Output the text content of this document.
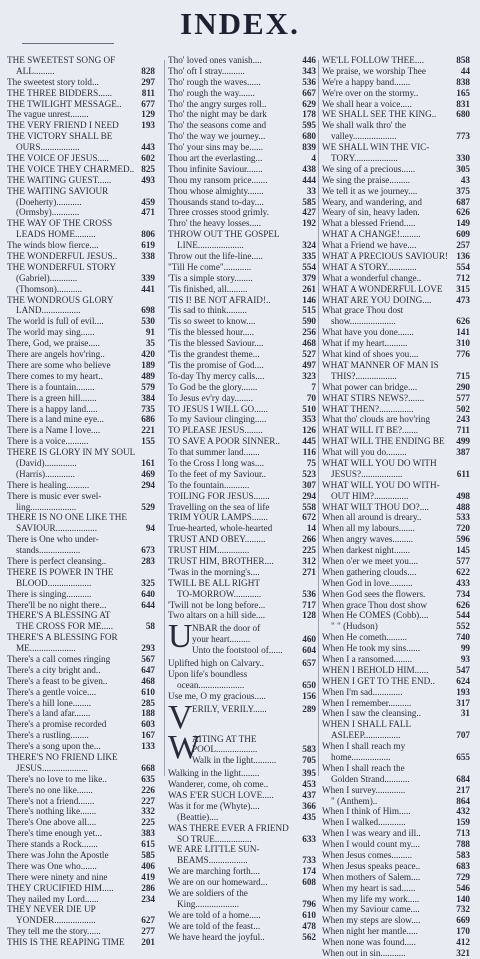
INDEX.
THE SWEETEST SONG OF
ALL.........	828
The sweetest story told...	297
THE THREE BIDDERS......	811
THE TWILIGHT MESSAGE..	677
The vague unrest........	129
THE VERY FRIEND I NEED	193
THE VICTORY SHALL BE
OURS.................	443
THE VOICE OF JESUS.....	602
THE VOICE THEY CHARMED.. 825
THE WAITING GUEST......	493
THE WAITING SAVIOUR
(Doeherty)...........	459
(Ormsby)............	471
THE WAY OF THE CROSS
LEADS HOME.........	806
The winds blow fierce....	619
THE WONDERFUL JESUS..	338
THE WONDERFUL STORY
(Gabriel)............	339
(Thomson)...........	441
THE WONDROUS GLORY
LAND.................	698
The world is full of evil....	530
The world may sing......	91
There, God, we praise.....	35
There are angels hov'ring..	420
There are some who believe	189
There comes to my heart..	489
There is a fountain........	579
There is a green hill.......	384
There is a happy land.....	735
There is a land mine eye...	686
There is a Name I love....	221
There is a voice..........	155
THERE IS GLORY IN MY SOUL
(David)..............	161
(Harris).............	469
There is healing..........	294
There is music ever swel-
ling....................	529
THERE IS NO ONE LIKE THE
SAVIOUR..................	94
There is One who under-
stands..................	673
There is perfect cleansing..	283
THERE IS POWER IN THE
BLOOD...................	325
There is singing...........	640
There'll be no night there...	644
THERE'S A BLESSING AT
THE CROSS FOR ME.....	58
THERE'S A BLESSING FOR
ME....................	293
There's a call comes ringing	567
There's a city bright and..	647
There's a feast to be given..	468
There's a gentle voice....	610
There's a hill lone........	285
There's a land afar.......	188
There's a promise recorded	603
There's a rustling........	167
There's a song upon the...	133
THERE'S NO FRIEND LIKE
JESUS....................	668
There's no love to me like..	635
There's no one like.......	226
There's not a friend.......	227
There's nothing like.......	332
There's One above all....	225
There's time enough yet...	383
There stands a Rock.......	615
There was John the Apostle	585
There was One who.......	406
There were ninety and nine	419
THEY CRUCIFIED HIM.....	286
They nailed my Lord......	234
THEY NEVER DIE UP
YONDER..................	627
They tell me the story......	277
THIS IS THE REAPING TIME	201
Tho' loved ones vanish....	446
Tho' oft I stray..........	343
Tho' rough the waves......	536
Tho' rough the way.......	667
Tho' the angry surges roll..	629
Tho' the night may be dark	178
Tho' the seasons come and	595
Tho' the way we journey...	680
Tho' your sins may be......	839
Thou art the everlasting...	4
Thou infinite Saviour.......	438
Thou my ransom price.......	444
Thou whose almighty.......	33
Thousands stand to-day....	585
Three crosses stood grimly.	427
Thro' the heavy losses.....	192
THROW OUT THE GOSPEL
LINE....................	324
Throw out the life-line.....	335
"Till He come"............	554
'Tis a simple story........	379
'Tis finished, all.........	261
'TIS I! BE NOT AFRAID!..	146
'Tis sad to think.........	515
'Tis so sweet to know....	590
'Tis the blessed hour.....	256
'Tis the blessed Saviour....	468
'Tis the grandest theme...	527
'Tis the promise of God....	497
To-day Thy mercy calls....	323
To God be the glory.......	7
To Jesus ev'ry day........	70
TO JESUS I WILL GO......	510
To my Saviour clinging.....	353
TO PLEASE JESUS........	126
TO SAVE A POOR SINNER..	445
To that summer land.......	116
To the Cross I long was....	75
To the feet of my Saviour..	523
To the fountain...........	307
TOILING FOR JESUS.......	294
Travelling on the sea of life	558
TRIM YOUR LAMPS.......	672
True-hearted, whole-hearted	14
TRUST AND OBEY.........	266
TRUST HIM..............	225
TRUST HIM, BROTHER....	312
'Twas in the morning's....	271
TWILL BE ALL RIGHT
TO-MORROW............	536
'Twill not be long before...	717
Two altars on a hill side....	128
U NBAR the door of
your heart.........	460
Unto the footstool of......	604
Uplifted high on Calvary..	657
Upon life's boundless
ocean....................	650
Use me, O my gracious.....	156
V ERILY, VERILY......	289
W
AITING AT THE
POOL..................	583
Walk in the light..........	705
Walking in the light........	395
Wanderer, come, oh come..	453
WAS E'ER SUCH LOVE.....	437
Was it for me (Whyte)....	366
(Beattie)....	435
WAS THERE EVER A FRIEND
SO TRUE................	633
WE ARE LITTLE SUN-
BEAMS.................	733
We are marching forth....	174
We are on our homeward...	608
We are soldiers of the
King...................	796
We are told of a home.....	610
We are told of the feast...	478
We have heard the joyful..	562
WE'LL FOLLOW THEE....	858
We praise, we worship Thee	44
We're a happy band.......	838
We're over on the stormy..	165
We shall hear a voice.....	831
WE SHALL SEE THE KING..	680
We shall walk thro' the
valley...................	773
WE SHALL WIN THE VIC-
TORY...................	330
We sing of a precious......	305
We sing the praise.........	43
We tell it as we journey....	375
Weary, and wandering, and	687
Weary of sin, heavy laden.	626
What a blessed Friend.....	149
WHAT A CHANGE!.........	609
What a Friend we have....	257
WHAT A PRECIOUS SAVIOUR! 136
WHAT A STORY.............	554
What a wonderful change..	712
WHAT A WONDERFUL LOVE	315
WHAT ARE YOU DOING....	473
What grace Thou dost
show....................	626
What have you done.......	141
What if my heart..........	310
What kind of shoes you....	776
WHAT MANNER OF MAN IS
THIS?..................	715
What power can bridge....	290
WHAT STIRS NEWS?.......	577
WHAT THEN?...............	502
What tho' clouds are hov'ring	243
WHAT WILL IT BE?.......	711
WHAT WILL THE ENDING BE	499
What will you do.........	387
WHAT WILL YOU DO WITH
JESUS?..................	611
WHAT WILL YOU DO WITH-
OUT HIM?...............	498
WHAT WILT THOU DO?....	488
When all around is dreary..	533
When all my labours.......	720
When angry waves.........	596
When darkest night.......	145
When o'er we meet you....	577
When gathering clouds....	622
When God in love..........	433
When God sees the flowers.	734
When grace Thou dost show	626
When He COMES (Cobb)....	544
" " (Hudson)	552
When He cometh.........	740
When He took my sins......	99
When I a ransomed........	93
WHEN I BEHOLD HIM......	547
WHEN I GET TO THE END..	624
When I'm sad.............	193
When I remember..........	317
When I saw the cleansing..	31
WHEN I SHALL FALL
ASLEEP................	707
When I shall reach my
home.................	655
When I shall reach the
Golden Strand...........	684
When I survey.............	217
" (Anthem)..	864
When I think of Him.....	432
When I walked............	159
When I was weary and ill..	713
When I would count my....	788
When Jesus comes.........	583
When Jesus speaks peace..	683
When mothers of Salem....	729
When my heart is sad......	546
When my life my work.....	140
When my Saviour came....	732
When my steps are slow....	669
When night her mantle.....	170
When none was found.....	412
When out in sin...........	321
